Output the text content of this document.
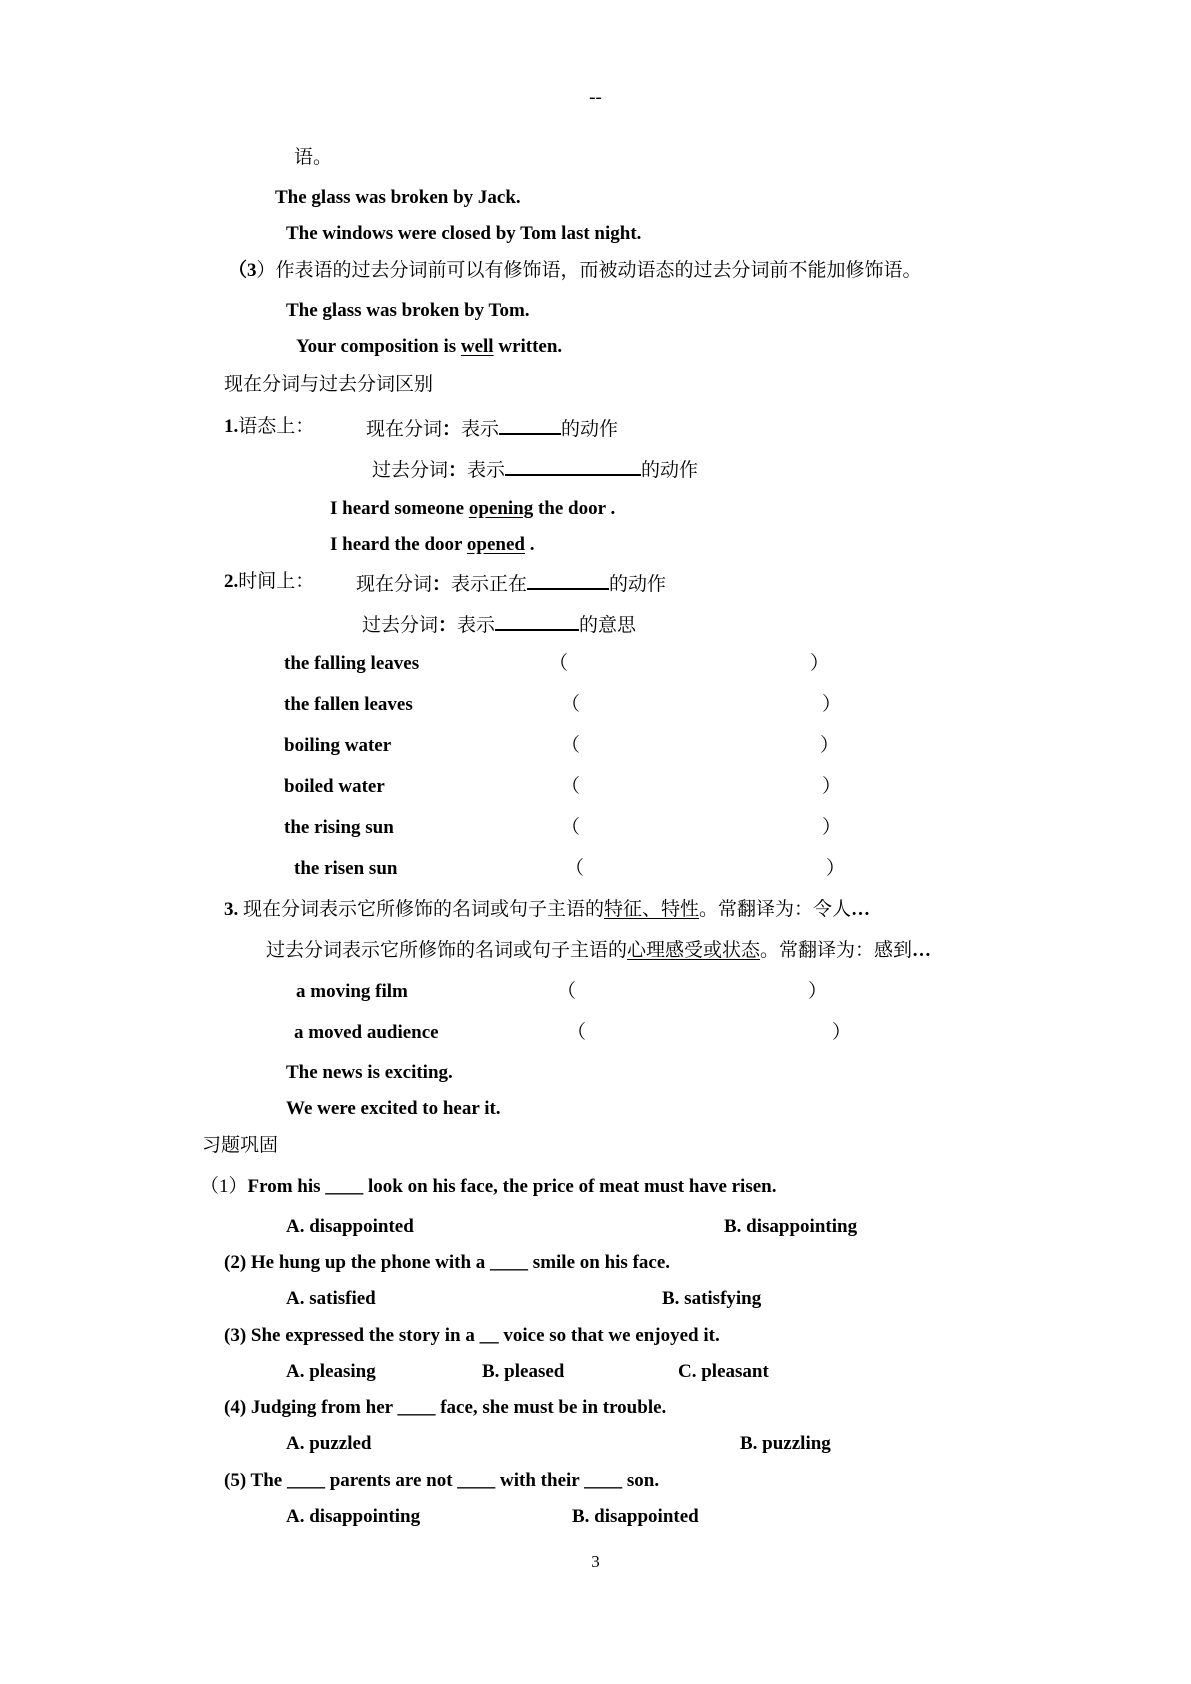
--
语。
The glass was broken by Jack.
The windows were closed by Tom last night.
（3）作表语的过去分词前可以有修饰语，而被动语态的过去分词前不能加修饰语。
The glass was broken by Tom.
Your composition is well written.
现在分词与过去分词区别
1.语态上：	现在分词：表示	的动作
过去分词：表示	的动作
I heard someone opening the door .
I heard the door opened .
2.时间上： 现在分词：表示正在	的动作
过去分词：表示	的意思
the falling leaves	（	）
the fallen leaves	（	）
boiling water	（	）
boiled water	（	）
the rising sun	（	）
the risen sun	（	）
3. 现在分词表示它所修饰的名词或句子主语的特征、特性。常翻译为：令人…
过去分词表示它所修饰的名词或句子主语的心理感受或状态。常翻译为：感到…
a moving film	（	）
a moved audience	（	）
The news is exciting.
We were excited to hear it.
习题巩固
（1）From his ____ look on his face, the price of meat must have risen.
A. disappointed	B. disappointing
(2) He hung up the phone with a ____ smile on his face.
A. satisfied	B. satisfying
(3) She expressed the story in a __ voice so that we enjoyed it.
A. pleasing	B. pleased	C. pleasant
(4) Judging from her ____ face, she must be in trouble.
A. puzzled	B. puzzling
(5) The ____ parents are not ____ with their ____ son.
A. disappointing	B. disappointed
3
